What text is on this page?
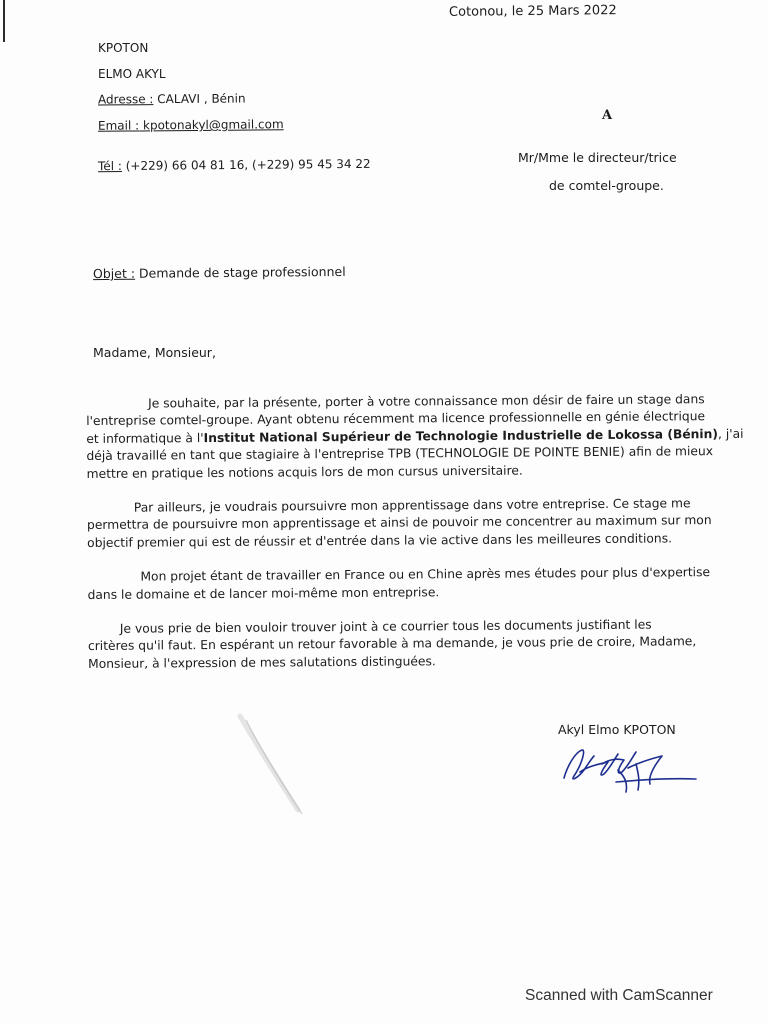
Cotonou, le 25 Mars 2022
KPOTON
ELMO AKYL
Adresse : CALAVI , Bénin
Email : kpotonakyl@gmail.com
Tél : (+229) 66 04 81 16, (+229) 95 45 34 22
A
Mr/Mme le directeur/trice
de comtel-groupe.
Objet : Demande de stage professionnel
Madame, Monsieur,
Je souhaite, par la présente, porter à votre connaissance mon désir de faire un stage dans
l'entreprise comtel-groupe. Ayant obtenu récemment ma licence professionnelle en génie électrique
et informatique à l'Institut National Supérieur de Technologie Industrielle de Lokossa (Bénin), j'ai
déjà travaillé en tant que stagiaire à l'entreprise TPB (TECHNOLOGIE DE POINTE BENIE) afin de mieux
mettre en pratique les notions acquis lors de mon cursus universitaire.
Par ailleurs, je voudrais poursuivre mon apprentissage dans votre entreprise. Ce stage me
permettra de poursuivre mon apprentissage et ainsi de pouvoir me concentrer au maximum sur mon
objectif premier qui est de réussir et d'entrée dans la vie active dans les meilleures conditions.
Mon projet étant de travailler en France ou en Chine après mes études pour plus d'expertise
dans le domaine et de lancer moi-même mon entreprise.
Je vous prie de bien vouloir trouver joint à ce courrier tous les documents justifiant les
critères qu'il faut. En espérant un retour favorable à ma demande, je vous prie de croire, Madame,
Monsieur, à l'expression de mes salutations distinguées.
Akyl Elmo KPOTON
Scanned with CamScanner
